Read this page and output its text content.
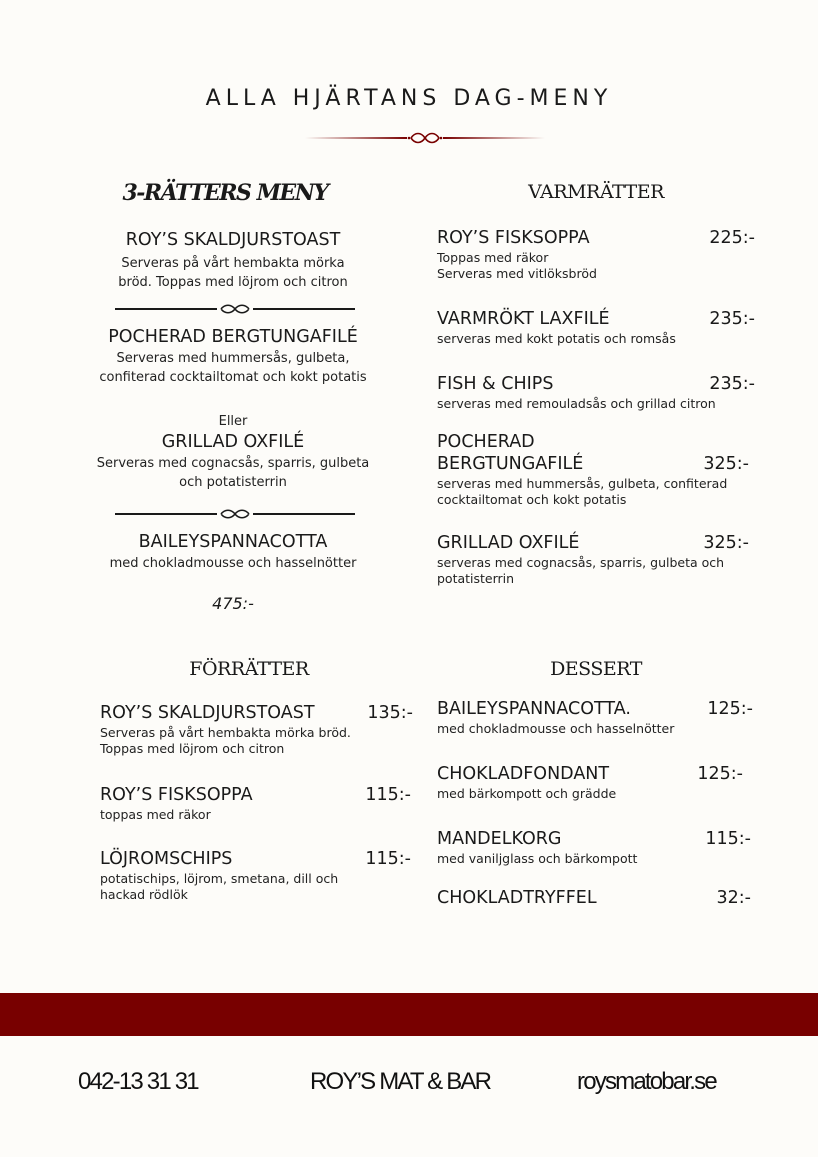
ALLA HJÄRTANS DAG-MENY
3-RÄTTERS MENY
ROY’S SKALDJURSTOAST
Serveras på vårt hembakta mörka
bröd. Toppas med löjrom och citron
POCHERAD BERGTUNGAFILÉ
Serveras med hummersås, gulbeta,
confiterad cocktailtomat och kokt potatis
Eller
GRILLAD OXFILÉ
Serveras med cognacsås, sparris, gulbeta
och potatisterrin
BAILEYSPANNACOTTA
med chokladmousse och hasselnötter
475:-
VARMRÄTTER
ROY’S FISKSOPPA	225:-
Toppas med räkor
Serveras med vitlöksbröd
VARMRÖKT LAXFILÉ	235:-
serveras med kokt potatis och romsås
FISH & CHIPS	235:-
serveras med remouladsås och grillad citron
POCHERAD
BERGTUNGAFILÉ	325:-
serveras med hummersås, gulbeta, confiterad
cocktailtomat och kokt potatis
GRILLAD OXFILÉ	325:-
serveras med cognacsås, sparris, gulbeta och
potatisterrin
FÖRRÄTTER
ROY’S SKALDJURSTOAST	135:-
Serveras på vårt hembakta mörka bröd.
Toppas med löjrom och citron
ROY’S FISKSOPPA	115:-
toppas med räkor
LÖJROMSCHIPS	115:-
potatischips, löjrom, smetana, dill och
hackad rödlök
DESSERT
BAILEYSPANNACOTTA.	125:-
med chokladmousse och hasselnötter
CHOKLADFONDANT	125:-
med bärkompott och grädde
MANDELKORG	115:-
med vaniljglass och bärkompott
CHOKLADTRYFFEL	32:-
042-13 31 31	ROY’S MAT & BAR	roysmatobar.se
